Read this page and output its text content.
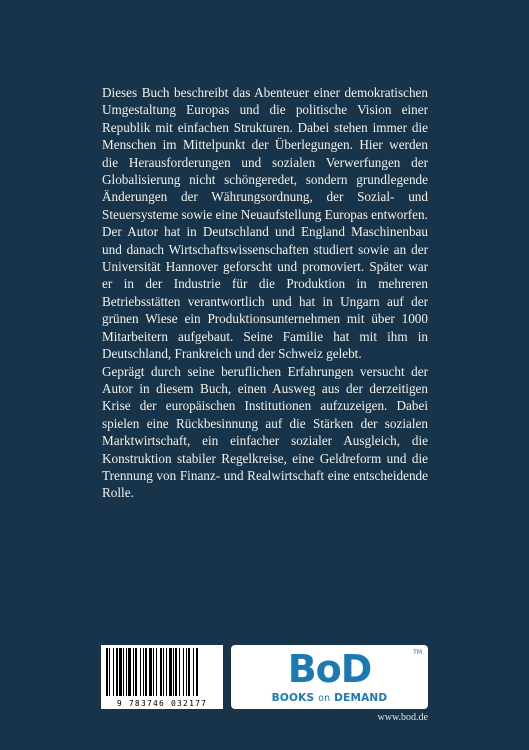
Dieses Buch beschreibt das Abenteuer einer demokratischen Umgestaltung Europas und die politische Vision einer Republik mit einfachen Strukturen. Dabei stehen immer die Menschen im Mittelpunkt der Überlegungen. Hier werden die Herausforderungen und sozialen Verwerfungen der Globalisierung nicht schöngeredet, sondern grundlegende Änderungen der Währungsordnung, der Sozial- und Steuersysteme sowie eine Neuaufstellung Europas entworfen.

Der Autor hat in Deutschland und England Maschinenbau und danach Wirtschaftswissenschaften studiert sowie an der Universität Hannover geforscht und promoviert. Später war er in der Industrie für die Produktion in mehreren Betriebsstätten verantwortlich und hat in Ungarn auf der grünen Wiese ein Produktionsunternehmen mit über 1000 Mitarbeitern aufgebaut. Seine Familie hat mit ihm in Deutschland, Frankreich und der Schweiz gelebt.

Geprägt durch seine beruflichen Erfahrungen versucht der Autor in diesem Buch, einen Ausweg aus der derzeitigen Krise der europäischen Institutionen aufzuzeigen. Dabei spielen eine Rückbesinnung auf die Stärken der sozialen Marktwirtschaft, ein einfacher sozialer Ausgleich, die Konstruktion stabiler Regelkreise, eine Geldreform und die Trennung von Finanz- und Realwirtschaft eine entscheidende Rolle.

9 783746 032177
BoD	TM
BOOKS on DEMAND
www.bod.de
